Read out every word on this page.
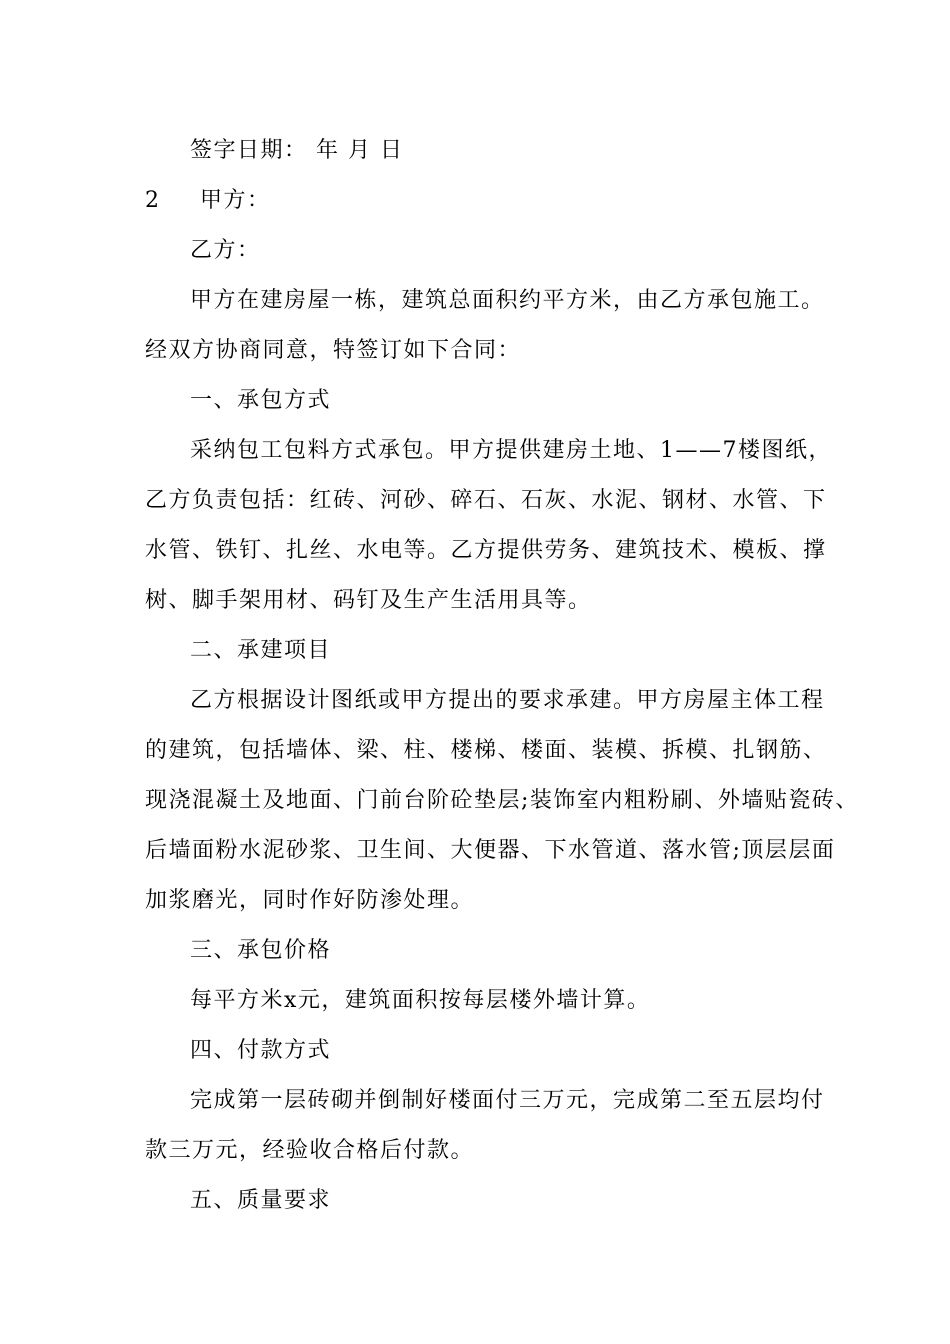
签字日期： 年 月 日
2 甲方：
乙方：
甲方在建房屋一栋，建筑总面积约平方米，由乙方承包施工。
经双方协商同意，特签订如下合同：
一、承包方式
采纳包工包料方式承包。甲方提供建房土地、1——7楼图纸，
乙方负责包括：红砖、河砂、碎石、石灰、水泥、钢材、水管、下
水管、铁钉、扎丝、水电等。乙方提供劳务、建筑技术、模板、撑
树、脚手架用材、码钉及生产生活用具等。
二、承建项目
乙方根据设计图纸或甲方提出的要求承建。甲方房屋主体工程
的建筑，包括墙体、梁、柱、楼梯、楼面、装模、拆模、扎钢筋、
现浇混凝土及地面、门前台阶砼垫层;装饰室内粗粉刷、外墙贴瓷砖、
后墙面粉水泥砂浆、卫生间、大便器、下水管道、落水管;顶层层面
加浆磨光，同时作好防渗处理。
三、承包价格
每平方米x元，建筑面积按每层楼外墙计算。
四、付款方式
完成第一层砖砌并倒制好楼面付三万元，完成第二至五层均付
款三万元，经验收合格后付款。
五、质量要求
